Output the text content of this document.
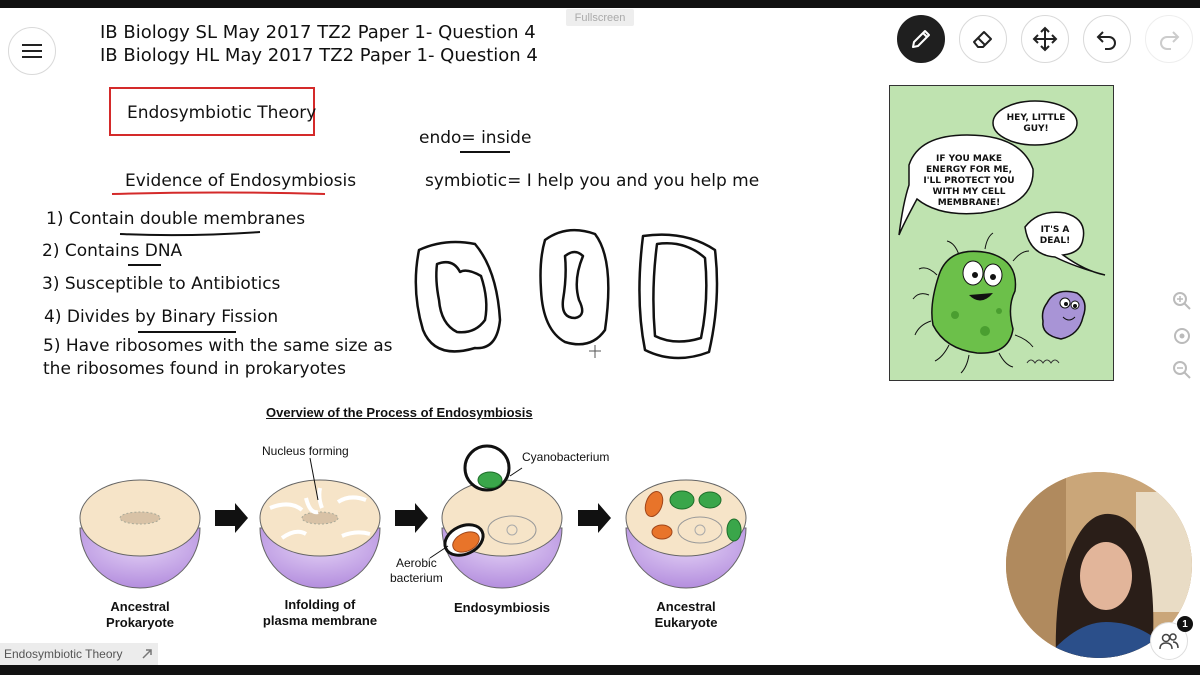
Fullscreen
IB Biology SL May 2017 TZ2 Paper 1- Question 4
IB Biology HL May 2017 TZ2 Paper 1- Question 4
Endosymbiotic Theory
Evidence of Endosymbiosis
1) Contain double membranes
2) Contains DNA
3) Susceptible to Antibiotics
4) Divides by Binary Fission
5) Have ribosomes with the same size as
the ribosomes found in prokaryotes
endo= inside
symbiotic= I help you and you help me
HEY, LITTLE
GUY!
IF YOU MAKE
ENERGY FOR ME,
I'LL PROTECT YOU
WITH MY CELL
MEMBRANE!
IT'S A
DEAL!
Overview of the Process of Endosymbiosis
Nucleus forming	Cyanobacterium
Aerobic
bacterium
Ancestral
Prokaryote
Infolding of
plasma membrane
Endosymbiosis	Ancestral
Eukaryote	1
Endosymbiotic Theory
